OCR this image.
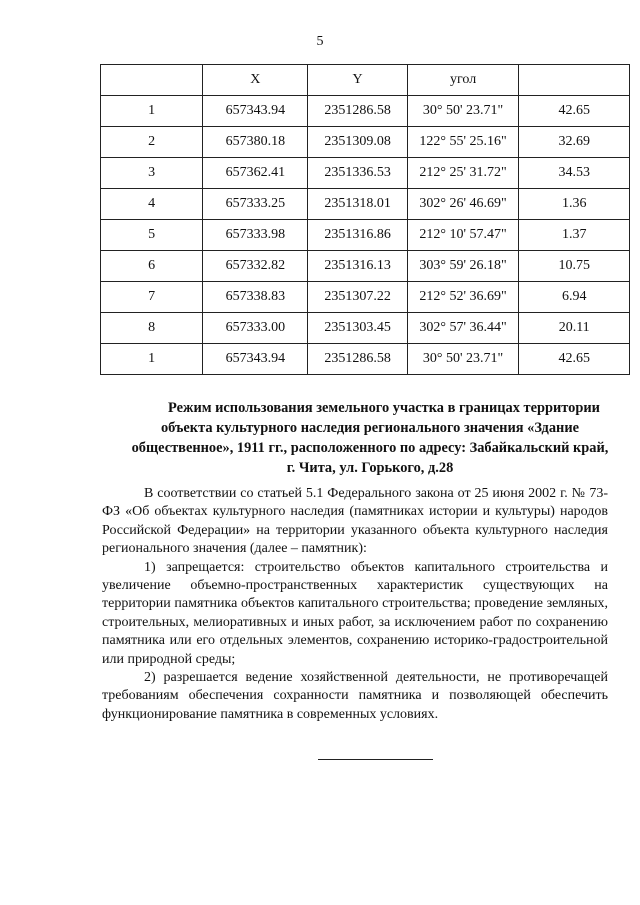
5
	X	Y	угол	
1	657343.94	2351286.58	30° 50' 23.71"	42.65
2	657380.18	2351309.08	122° 55' 25.16"	32.69
3	657362.41	2351336.53	212° 25' 31.72"	34.53
4	657333.25	2351318.01	302° 26' 46.69"	1.36
5	657333.98	2351316.86	212° 10' 57.47"	1.37
6	657332.82	2351316.13	303° 59' 26.18"	10.75
7	657338.83	2351307.22	212° 52' 36.69"	6.94
8	657333.00	2351303.45	302° 57' 36.44"	20.11
1	657343.94	2351286.58	30° 50' 23.71"	42.65
Режим использования земельного участка в границах территории
объекта культурного наследия регионального значения «Здание
общественное», 1911 гг., расположенного по адресу: Забайкальский край,
г. Чита, ул. Горького, д.28

В соответствии со статьей 5.1 Федерального закона от 25 июня 2002 г. № 73-ФЗ «Об объектах культурного наследия (памятниках истории и культуры) народов Российской Федерации» на территории указанного объекта культурного наследия регионального значения (далее – памятник):

1) запрещается: строительство объектов капитального строительства и увеличение объемно-пространственных характеристик существующих на территории памятника объектов капитального строительства; проведение земляных, строительных, мелиоративных и иных работ, за исключением работ по сохранению памятника или его отдельных элементов, сохранению историко-градостроительной или природной среды;

2) разрешается ведение хозяйственной деятельности, не противоречащей требованиям обеспечения сохранности памятника и позволяющей обеспечить функционирование памятника в современных условиях.
